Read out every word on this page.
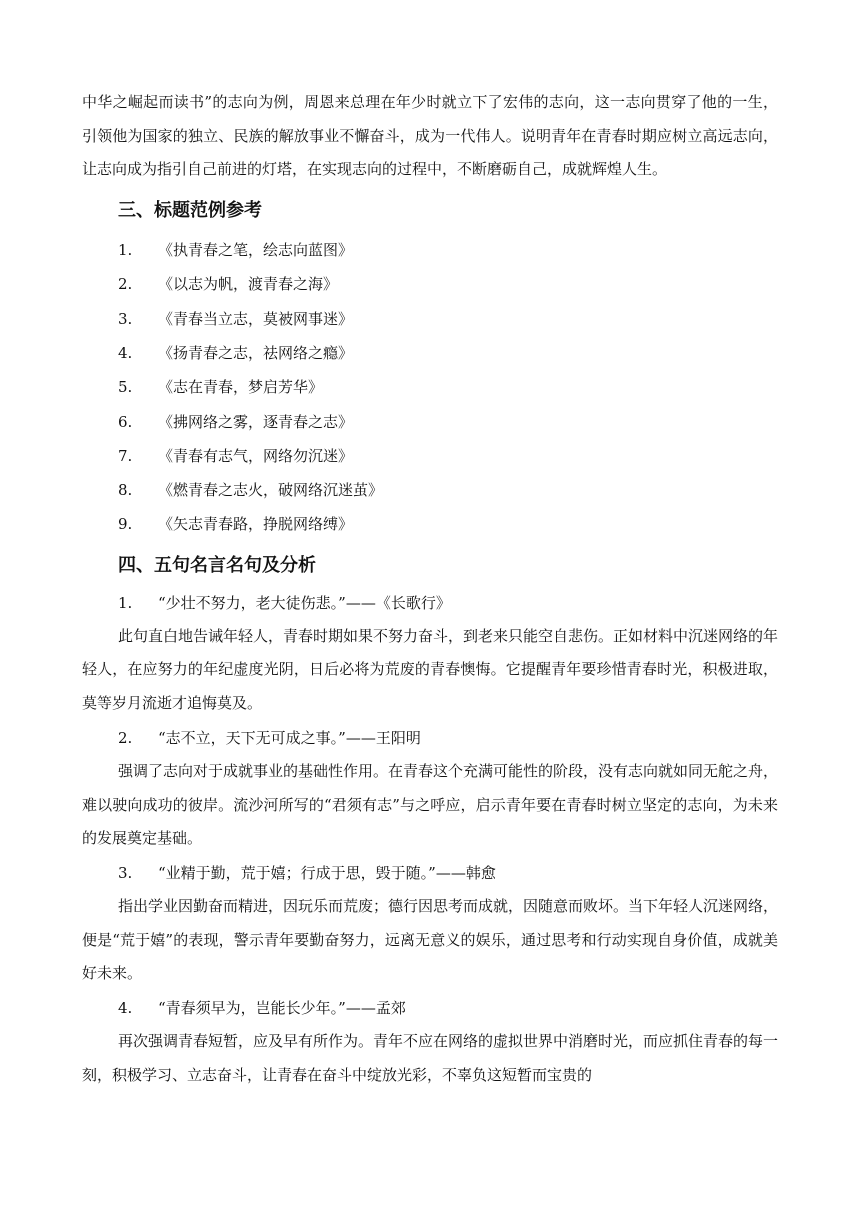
中华之崛起而读书”的志向为例，周恩来总理在年少时就立下了宏伟的志向，这一志向贯穿了他的一生，引领他为国家的独立、民族的解放事业不懈奋斗，成为一代伟人。说明青年在青春时期应树立高远志向，让志向成为指引自己前进的灯塔，在实现志向的过程中，不断磨砺自己，成就辉煌人生。

三、标题范例参考
1. 《执青春之笔，绘志向蓝图》
2. 《以志为帆，渡青春之海》
3. 《青春当立志，莫被网事迷》
4. 《扬青春之志，祛网络之瘾》
5. 《志在青春，梦启芳华》
6. 《拂网络之雾，逐青春之志》
7. 《青春有志气，网络勿沉迷》
8. 《燃青春之志火，破网络沉迷茧》
9. 《矢志青春路，挣脱网络缚》
四、五句名言名句及分析

1. “少壮不努力，老大徒伤悲。”——《长歌行》

此句直白地告诫年轻人，青春时期如果不努力奋斗，到老来只能空自悲伤。正如材料中沉迷网络的年轻人，在应努力的年纪虚度光阴，日后必将为荒废的青春懊悔。它提醒青年要珍惜青春时光，积极进取，莫等岁月流逝才追悔莫及。

2. “志不立，天下无可成之事。”——王阳明

强调了志向对于成就事业的基础性作用。在青春这个充满可能性的阶段，没有志向就如同无舵之舟，难以驶向成功的彼岸。流沙河所写的“君须有志”与之呼应，启示青年要在青春时树立坚定的志向，为未来的发展奠定基础。

3. “业精于勤，荒于嬉；行成于思，毁于随。”——韩愈

指出学业因勤奋而精进，因玩乐而荒废；德行因思考而成就，因随意而败坏。当下年轻人沉迷网络，便是“荒于嬉”的表现，警示青年要勤奋努力，远离无意义的娱乐，通过思考和行动实现自身价值，成就美好未来。

4. “青春须早为，岂能长少年。”——孟郊

再次强调青春短暂，应及早有所作为。青年不应在网络的虚拟世界中消磨时光，而应抓住青春的每一刻，积极学习、立志奋斗，让青春在奋斗中绽放光彩，不辜负这短暂而宝贵的
